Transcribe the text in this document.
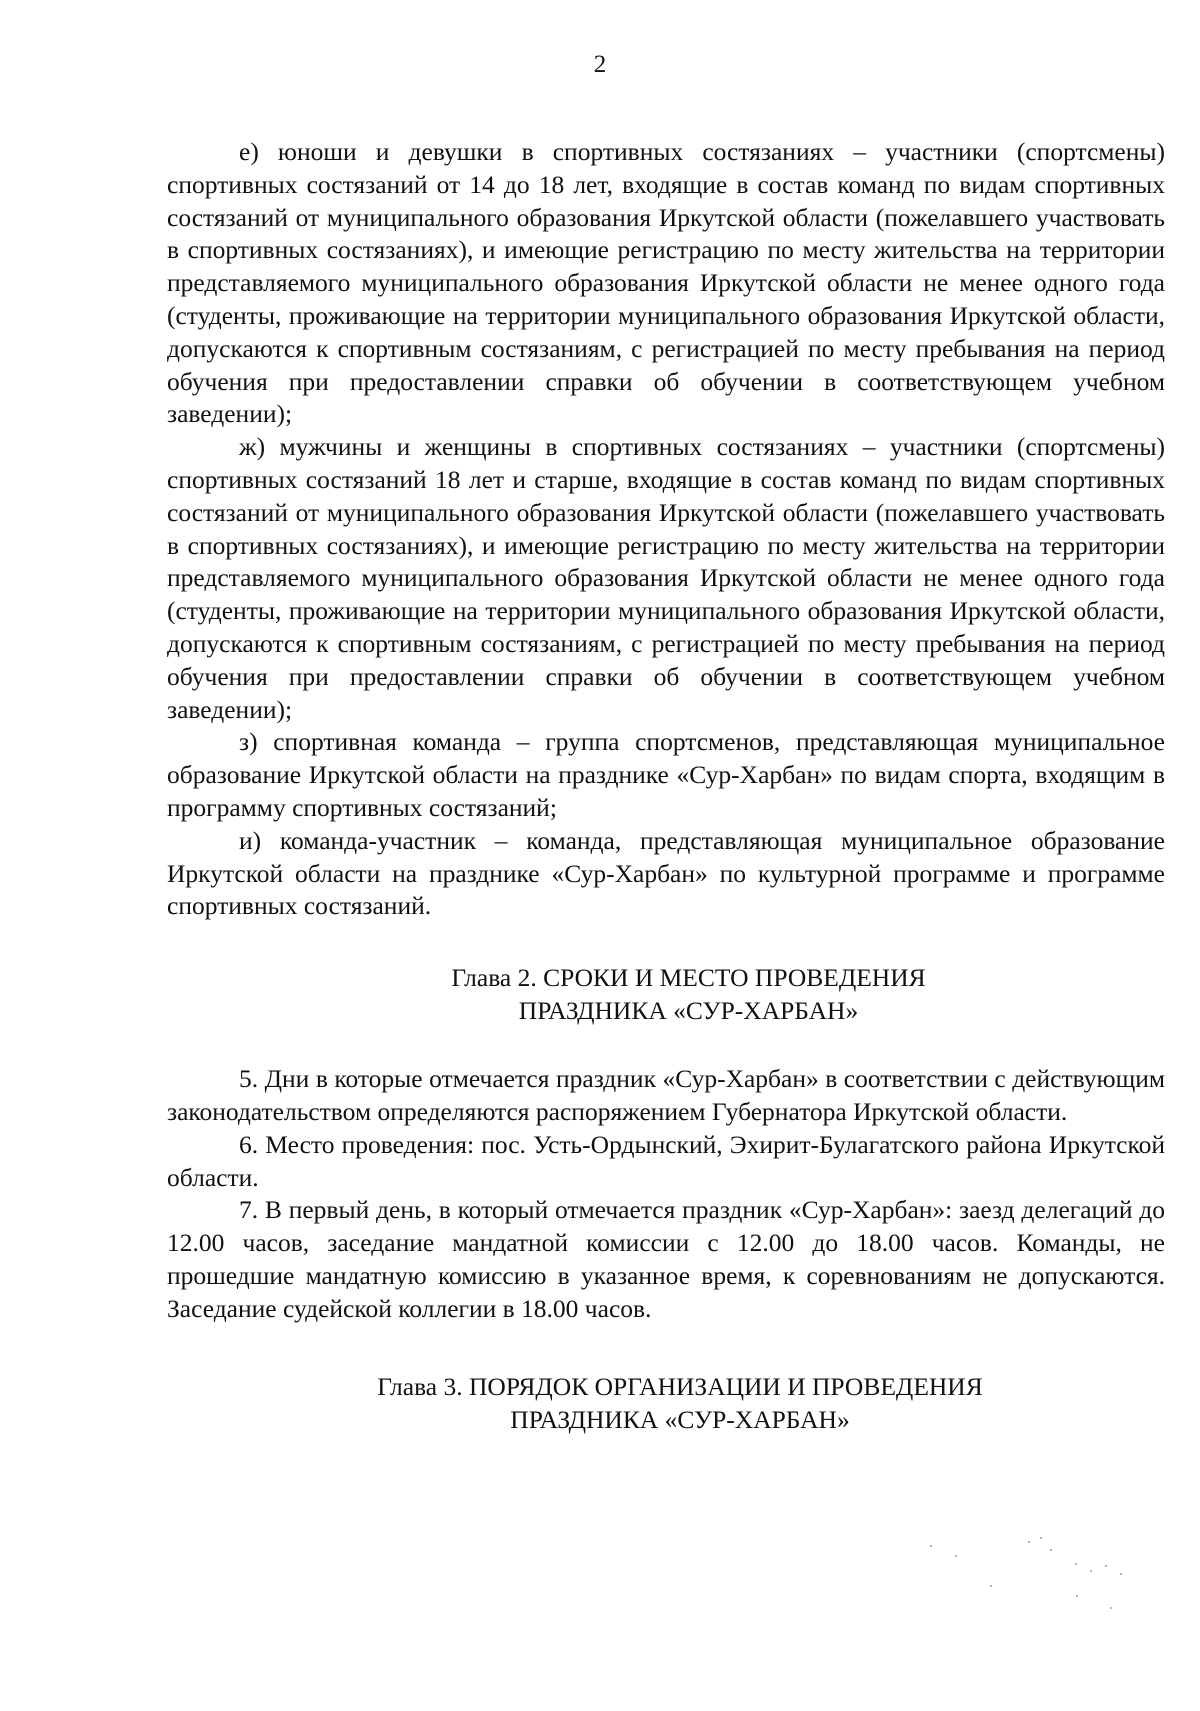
2

е) юноши и девушки в спортивных состязаниях – участники (спортсмены) спортивных состязаний от 14 до 18 лет, входящие в состав команд по видам спортивных состязаний от муниципального образования Иркутской области (пожелавшего участвовать в спортивных состязаниях), и имеющие регистрацию по месту жительства на территории представляемого муниципального образования Иркутской области не менее одного года (студенты, проживающие на территории муниципального образования Иркутской области, допускаются к спортивным состязаниям, с регистрацией по месту пребывания на период обучения при предоставлении справки об обучении в соответствующем учебном заведении);

ж) мужчины и женщины в спортивных состязаниях – участники (спортсмены) спортивных состязаний 18 лет и старше, входящие в состав команд по видам спортивных состязаний от муниципального образования Иркутской области (пожелавшего участвовать в спортивных состязаниях), и имеющие регистрацию по месту жительства на территории представляемого муниципального образования Иркутской области не менее одного года (студенты, проживающие на территории муниципального образования Иркутской области, допускаются к спортивным состязаниям, с регистрацией по месту пребывания на период обучения при предоставлении справки об обучении в соответствующем учебном заведении);

з) спортивная команда – группа спортсменов, представляющая муниципальное образование Иркутской области на празднике «Сур-Харбан» по видам спорта, входящим в программу спортивных состязаний;

и) команда-участник – команда, представляющая муниципальное образование Иркутской области на празднике «Сур-Харбан» по культурной программе и программе спортивных состязаний.

Глава 2. СРОКИ И МЕСТО ПРОВЕДЕНИЯ
ПРАЗДНИКА «СУР-ХАРБАН»

5. Дни в которые отмечается праздник «Сур-Харбан» в соответствии с действующим законодательством определяются распоряжением Губернатора Иркутской области.

6. Место проведения: пос. Усть-Ордынский, Эхирит-Булагатского района Иркутской области.

7. В первый день, в который отмечается праздник «Сур-Харбан»: заезд делегаций до 12.00 часов, заседание мандатной комиссии с 12.00 до 18.00 часов. Команды, не прошедшие мандатную комиссию в указанное время, к соревнованиям не допускаются. Заседание судейской коллегии в 18.00 часов.

Глава 3. ПОРЯДОК ОРГАНИЗАЦИИ И ПРОВЕДЕНИЯ
ПРАЗДНИКА «СУР-ХАРБАН»
